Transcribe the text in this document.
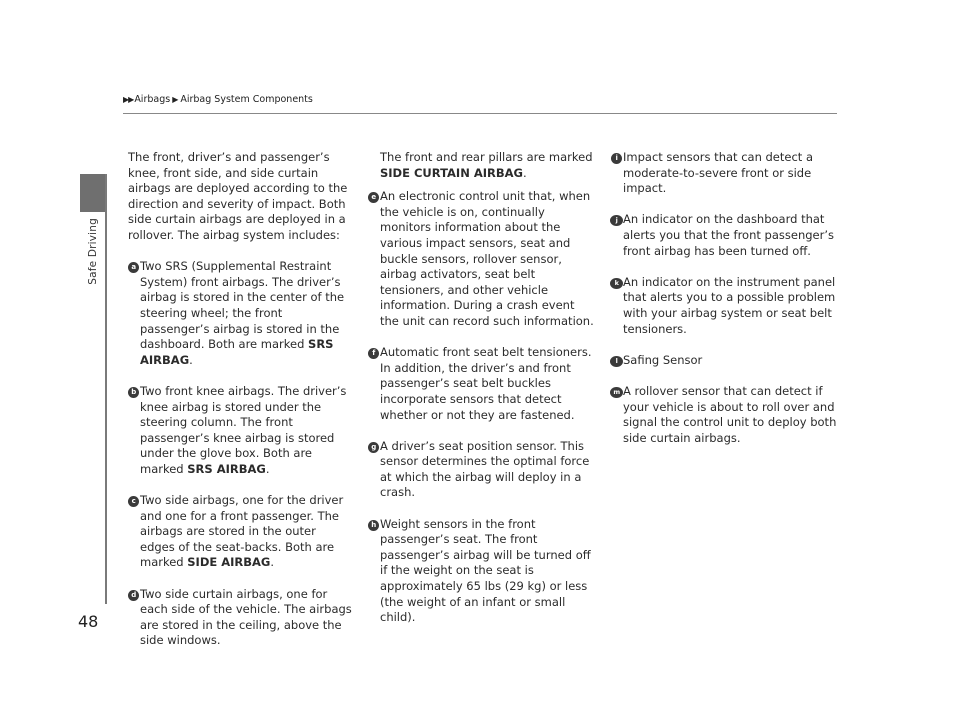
▶▶Airbags ▶ Airbag System Components
Safe Driving
48

The front, driver’s and passenger’s knee, front side, and side curtain airbags are deployed according to the direction and severity of impact. Both side curtain airbags are deployed in a rollover. The airbag system includes:

a Two SRS (Supplemental Restraint System) front airbags. The driver’s airbag is stored in the center of the steering wheel; the front passenger’s airbag is stored in the dashboard. Both are marked SRS AIRBAG.

b Two front knee airbags. The driver’s knee airbag is stored under the steering column. The front passenger’s knee airbag is stored under the glove box. Both are marked SRS AIRBAG.

c Two side airbags, one for the driver and one for a front passenger. The airbags are stored in the outer edges of the seat-backs. Both are marked SIDE AIRBAG.

d Two side curtain airbags, one for each side of the vehicle. The airbags are stored in the ceiling, above the side windows.

The front and rear pillars are marked
SIDE CURTAIN AIRBAG.

e An electronic control unit that, when the vehicle is on, continually monitors information about the various impact sensors, seat and buckle sensors, rollover sensor, airbag activators, seat belt tensioners, and other vehicle information. During a crash event the unit can record such information.

f Automatic front seat belt tensioners. In addition, the driver’s and front passenger’s seat belt buckles incorporate sensors that detect whether or not they are fastened.

g A driver’s seat position sensor. This sensor determines the optimal force at which the airbag will deploy in a crash.

h Weight sensors in the front passenger’s seat. The front passenger’s airbag will be turned off if the weight on the seat is approximately 65 lbs (29 kg) or less (the weight of an infant or small child).

i Impact sensors that can detect a moderate-to-severe front or side impact.

j An indicator on the dashboard that alerts you that the front passenger’s front airbag has been turned off.

k An indicator on the instrument panel that alerts you to a possible problem with your airbag system or seat belt tensioners.

l Safing Sensor

m A rollover sensor that can detect if your vehicle is about to roll over and signal the control unit to deploy both side curtain airbags.
